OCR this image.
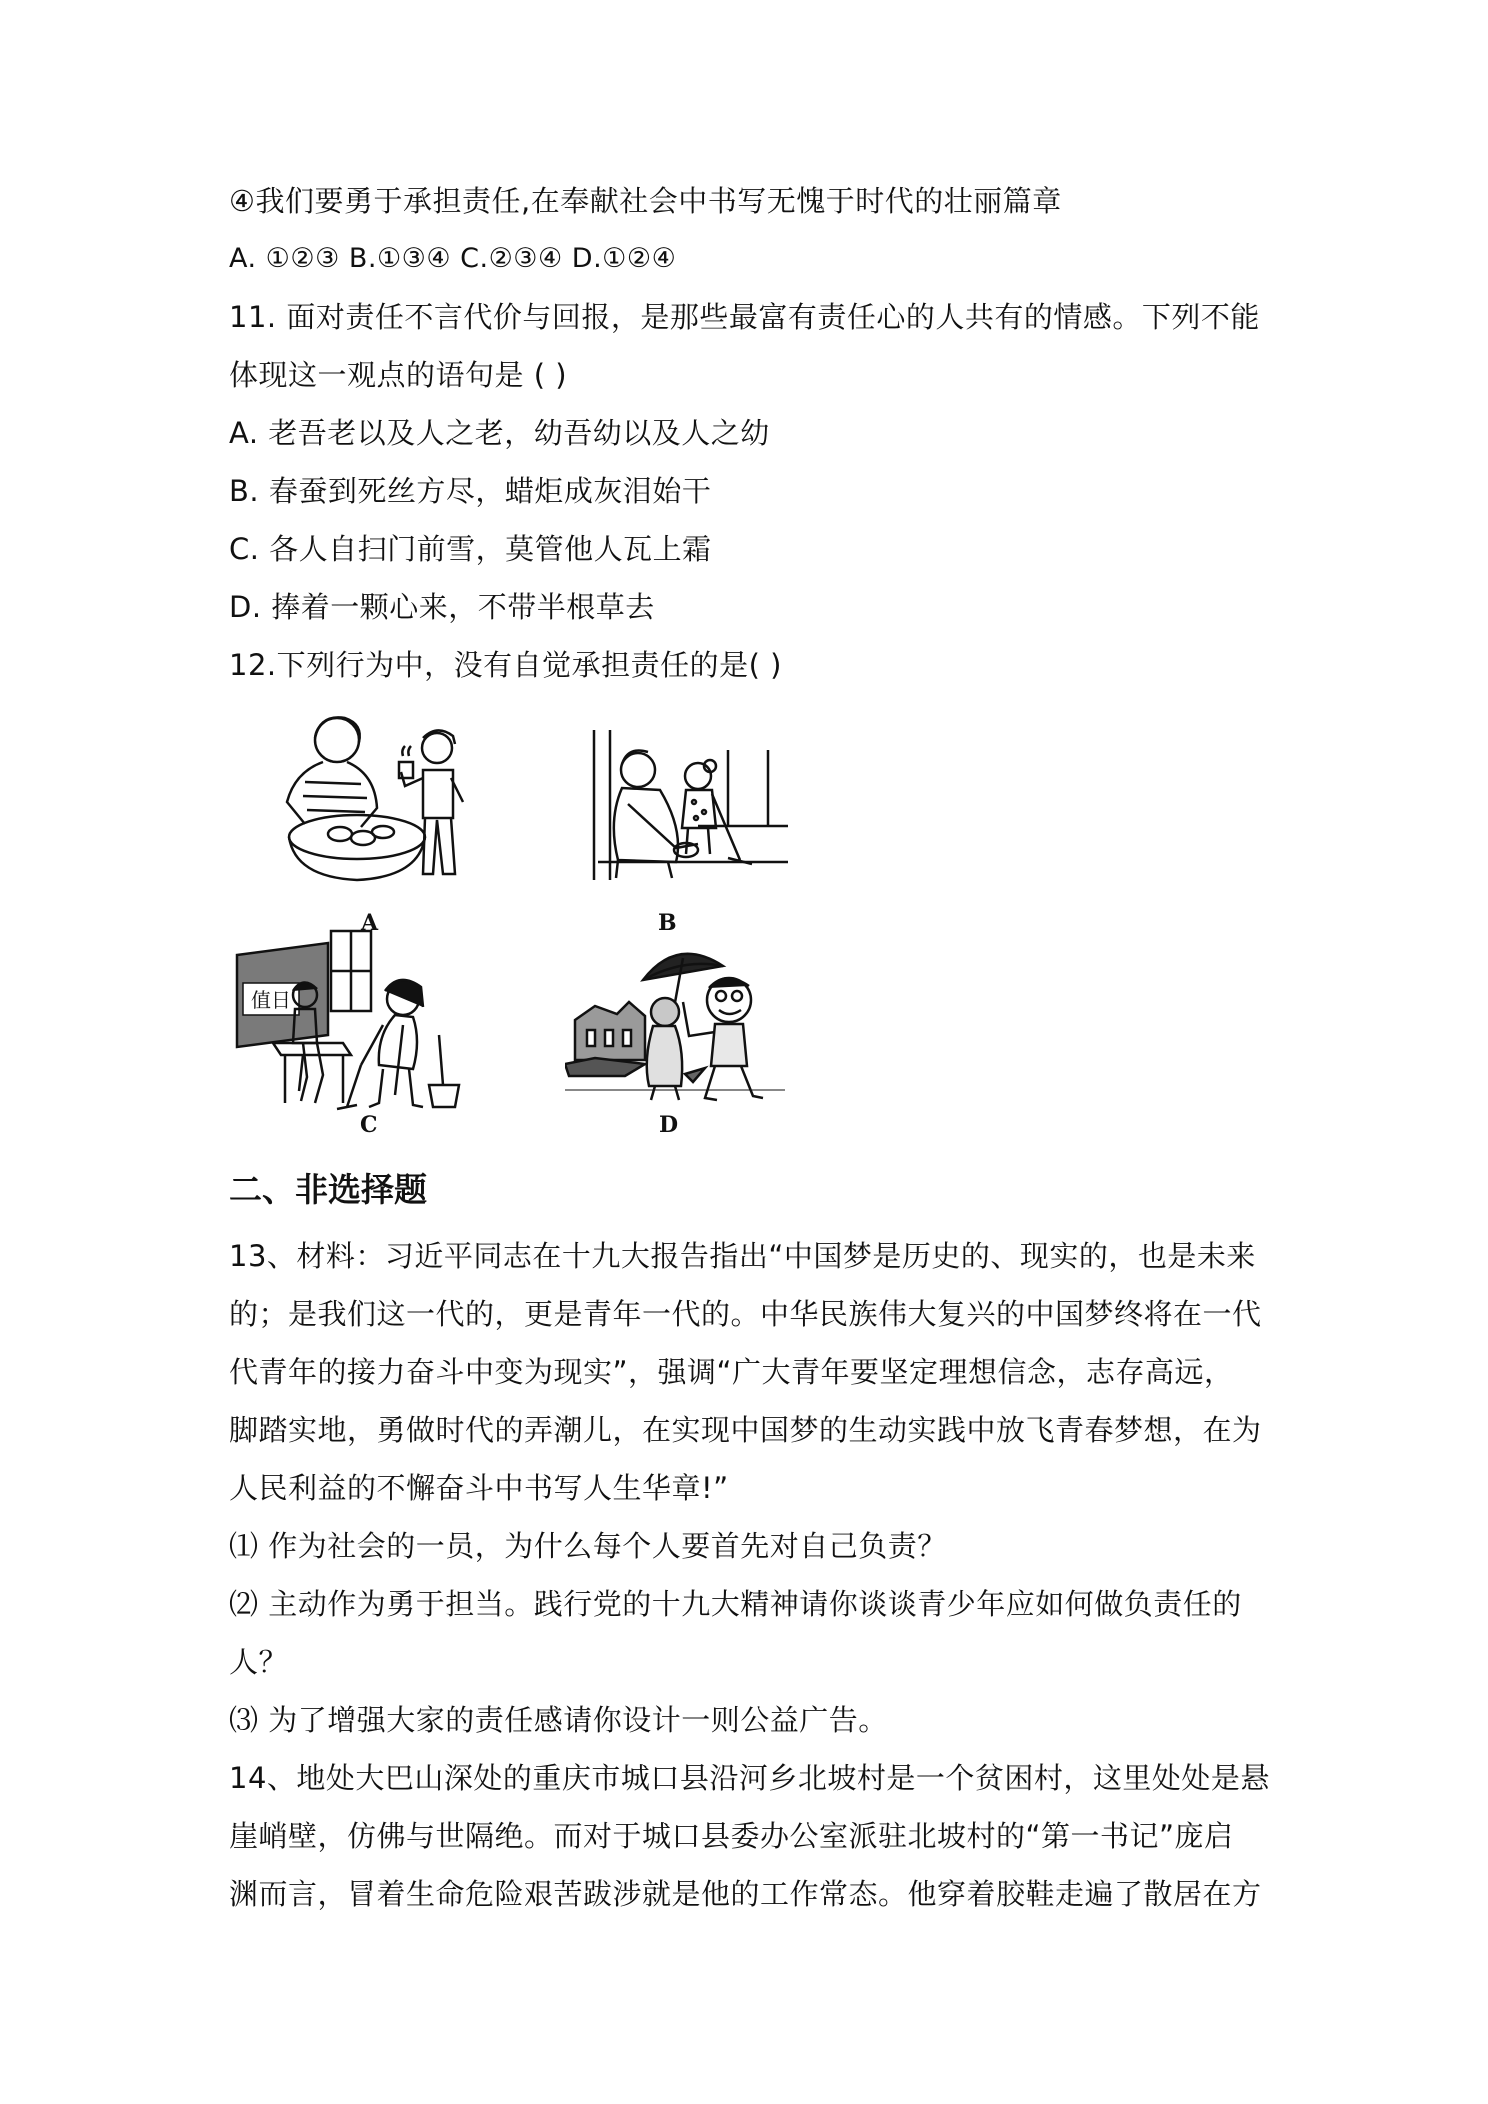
④我们要勇于承担责任,在奉献社会中书写无愧于时代的壮丽篇章
A. ①②③ B.①③④ C.②③④ D.①②④
11. 面对责任不言代价与回报，是那些最富有责任心的人共有的情感。下列不能
体现这一观点的语句是 ( )
A. 老吾老以及人之老，幼吾幼以及人之幼
B. 春蚕到死丝方尽，蜡炬成灰泪始干
C. 各人自扫门前雪，莫管他人瓦上霜
D. 捧着一颗心来，不带半根草去
12.下列行为中，没有自觉承担责任的是( )
A	B
值日
C	D
二、非选择题
13、材料：习近平同志在十九大报告指出“中国梦是历史的、现实的，也是未来
的；是我们这一代的，更是青年一代的。中华民族伟大复兴的中国梦终将在一代
代青年的接力奋斗中变为现实”，强调“广大青年要坚定理想信念，志存高远，
脚踏实地，勇做时代的弄潮儿，在实现中国梦的生动实践中放飞青春梦想，在为
人民利益的不懈奋斗中书写人生华章!”
⑴ 作为社会的一员，为什么每个人要首先对自己负责？
⑵ 主动作为勇于担当。践行党的十九大精神请你谈谈青少年应如何做负责任的
人？
⑶ 为了增强大家的责任感请你设计一则公益广告。
14、地处大巴山深处的重庆市城口县沿河乡北坡村是一个贫困村，这里处处是悬
崖峭壁，仿佛与世隔绝。而对于城口县委办公室派驻北坡村的“第一书记”庞启
渊而言，冒着生命危险艰苦跋涉就是他的工作常态。他穿着胶鞋走遍了散居在方
